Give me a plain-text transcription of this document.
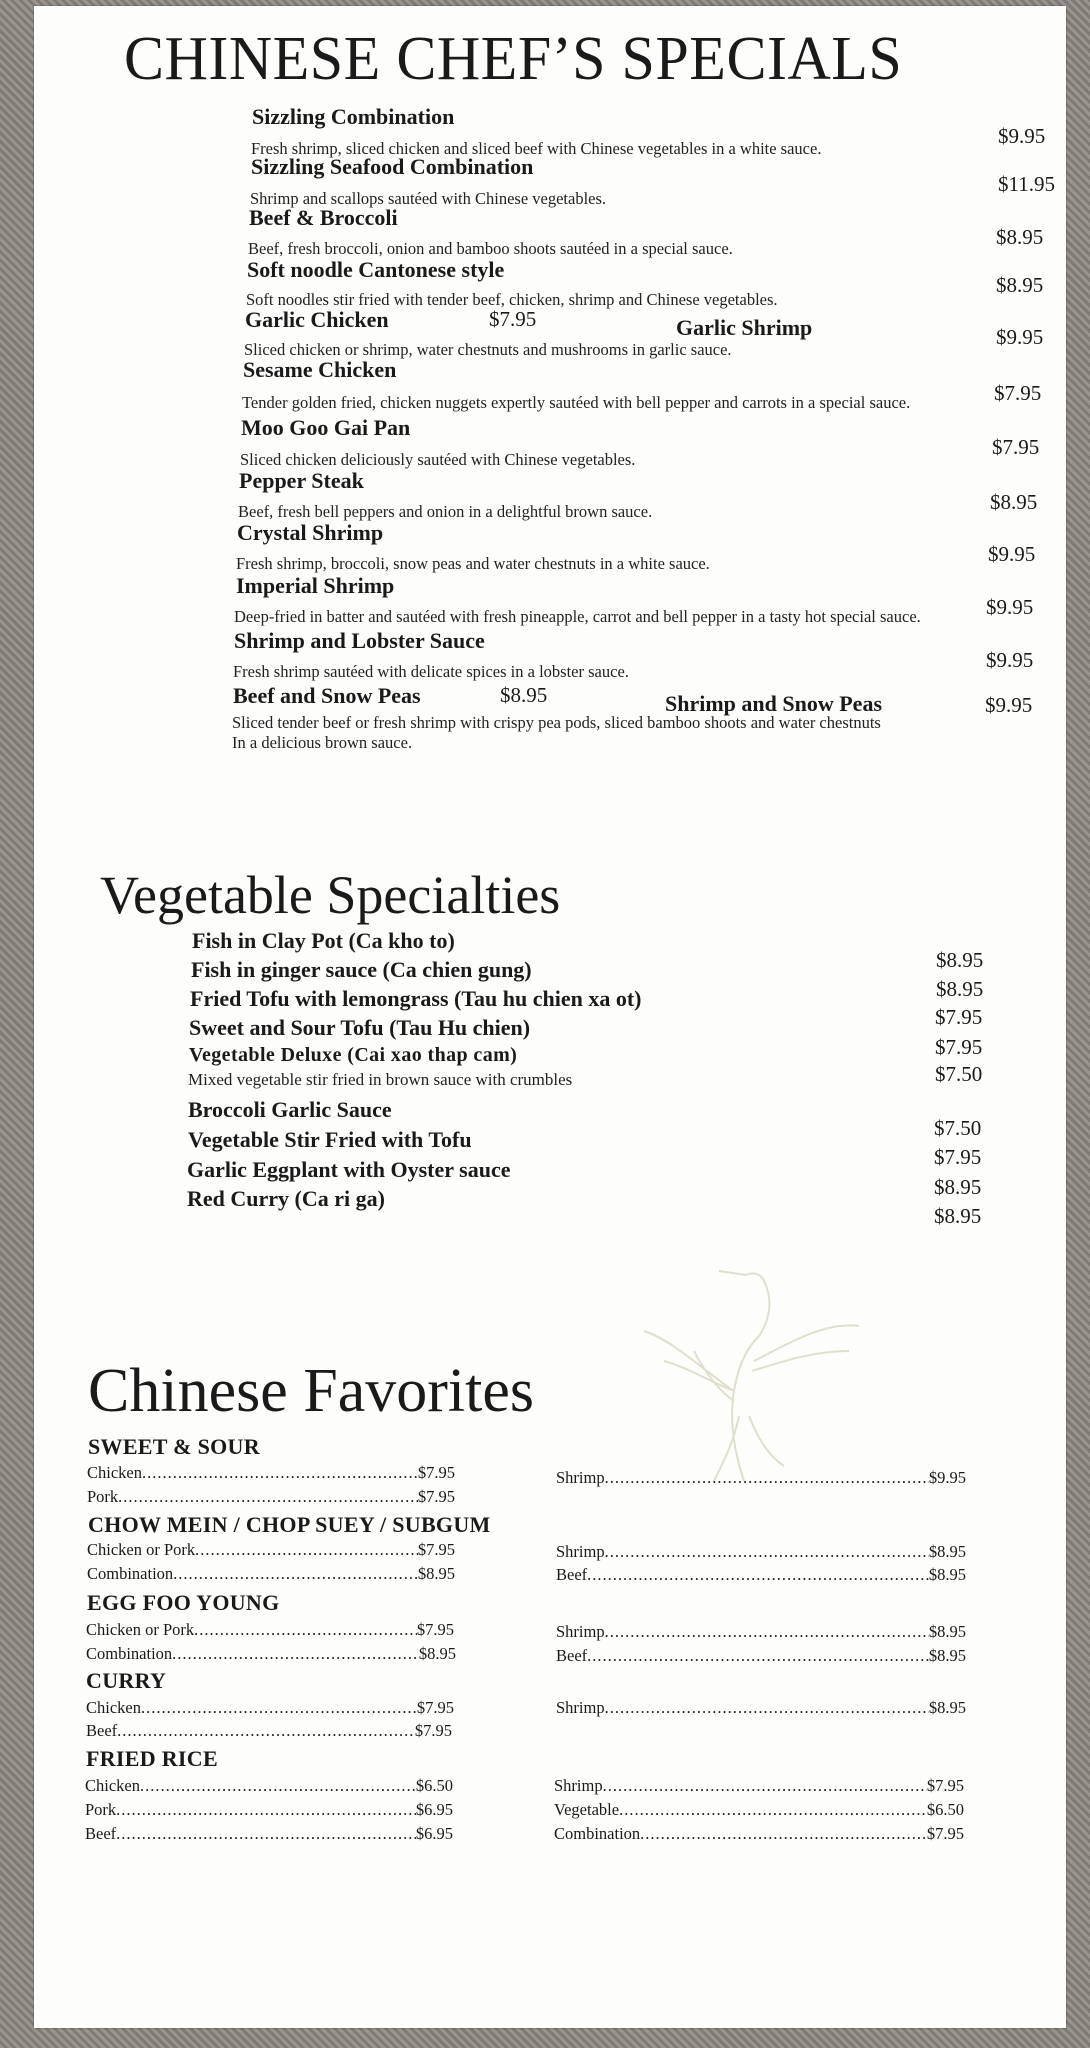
CHINESE CHEF’S SPECIALS
Sizzling Combination
$9.95
Fresh shrimp, sliced chicken and sliced beef with Chinese vegetables in a white sauce.
Sizzling Seafood Combination
$11.95
Shrimp and scallops sautéed with Chinese vegetables.
Beef & Broccoli
$8.95
Beef, fresh broccoli, onion and bamboo shoots sautéed in a special sauce.
Soft noodle Cantonese style
$8.95
Soft noodles stir fried with tender beef, chicken, shrimp and Chinese vegetables.
Garlic Chicken	$7.95	Garlic Shrimp	$9.95
Sliced chicken or shrimp, water chestnuts and mushrooms in garlic sauce.
Sesame Chicken
$7.95
Tender golden fried, chicken nuggets expertly sautéed with bell pepper and carrots in a special sauce.
Moo Goo Gai Pan
$7.95
Sliced chicken deliciously sautéed with Chinese vegetables.
Pepper Steak
$8.95
Beef, fresh bell peppers and onion in a delightful brown sauce.
Crystal Shrimp
$9.95
Fresh shrimp, broccoli, snow peas and water chestnuts in a white sauce.
Imperial Shrimp
$9.95
Deep-fried in batter and sautéed with fresh pineapple, carrot and bell pepper in a tasty hot special sauce.
Shrimp and Lobster Sauce
$9.95
Fresh shrimp sautéed with delicate spices in a lobster sauce.
Beef and Snow Peas	$8.95	Shrimp and Snow Peas	$9.95
Sliced tender beef or fresh shrimp with crispy pea pods, sliced bamboo shoots and water chestnuts
In a delicious brown sauce.
Vegetable Specialties
Fish in Clay Pot (Ca kho to)
$8.95
Fish in ginger sauce (Ca chien gung)
$8.95
Fried Tofu with lemongrass (Tau hu chien xa ot)
$7.95
Sweet and Sour Tofu (Tau Hu chien)
$7.95
Vegetable Deluxe (Cai xao thap cam)
$7.50
Mixed vegetable stir fried in brown sauce with crumbles
Broccoli Garlic Sauce
$7.50
Vegetable Stir Fried with Tofu
$7.95
Garlic Eggplant with Oyster sauce
$8.95
Red Curry (Ca ri ga)
$8.95
Chinese Favorites
SWEET & SOUR
Chicken .....	$7.95
Pork .....	$7.95
Shrimp .....	$9.95
CHOW MEIN / CHOP SUEY / SUBGUM
Chicken or Pork .....	$7.95
Combination .....	$8.95
Shrimp .....	$8.95
Beef .....	$8.95
EGG FOO YOUNG
Chicken or Pork .....	$7.95
Combination .....	$8.95
Shrimp .....	$8.95
Beef .....	$8.95
CURRY
Chicken .....	$7.95
Beef .....	$7.95
Shrimp .....	$8.95
FRIED RICE
Chicken .....	$6.50
Pork .....	$6.95
Beef .....	$6.95
Shrimp .....	$7.95
Vegetable .....	$6.50
Combination .....	$7.95
